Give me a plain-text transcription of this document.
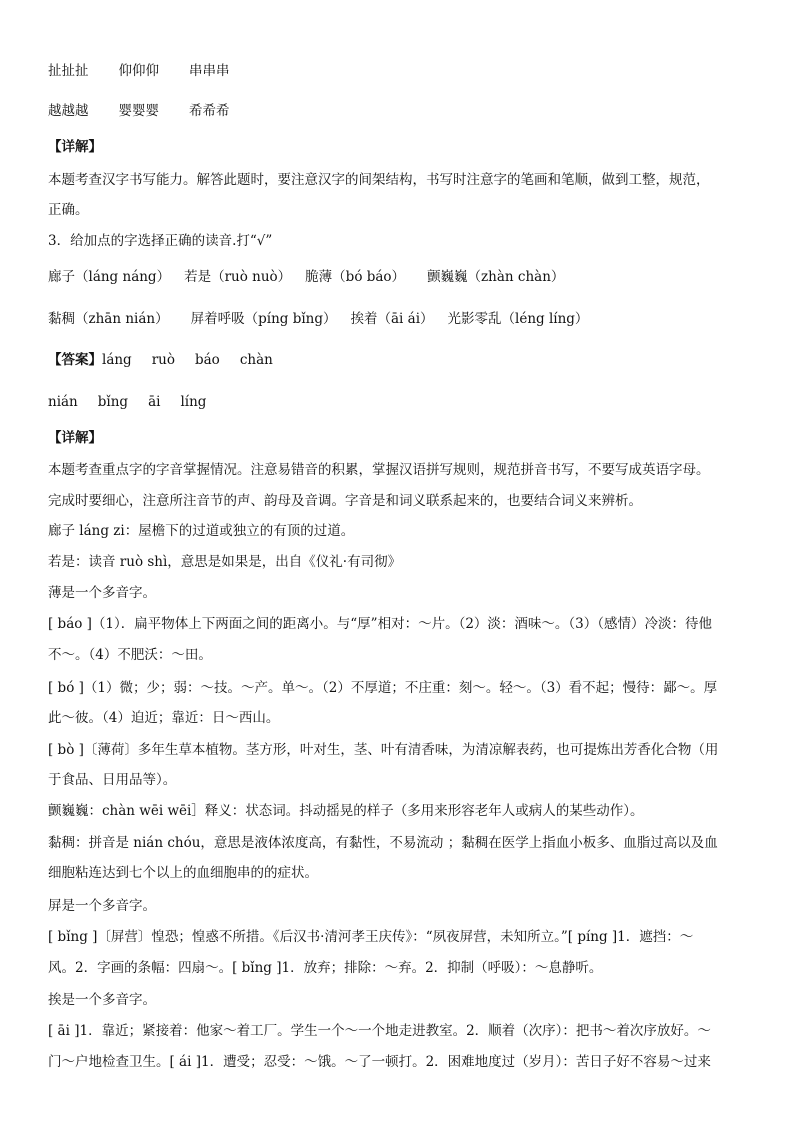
扯扯扯 仰仰仰 串串串
越越越 婴婴婴 希希希
【详解】
本题考查汉字书写能力。解答此题时，要注意汉字的间架结构，书写时注意字的笔画和笔顺，做到工整，规范，
正确。
3．给加点的字选择正确的读音.打“√”
廊子（láng náng） 若是（ruò nuò） 脆薄（bó báo） 颤巍巍（zhàn chàn）
黏稠（zhān nián） 屏着呼吸（píng bǐng） 挨着（āi ái） 光影零乱（léng líng）
【答案】láng ruò báo chàn
nián bǐng āi líng
【详解】
本题考查重点字的字音掌握情况。注意易错音的积累，掌握汉语拼写规则，规范拼音书写，不要写成英语字母。
完成时要细心，注意所注音节的声、韵母及音调。字音是和词义联系起来的，也要结合词义来辨析。
廊子 láng zi：屋檐下的过道或独立的有顶的过道。
若是：读音 ruò shì，意思是如果是，出自《仪礼·有司彻》
薄是一个多音字。
[ báo ]（1）．扁平物体上下两面之间的距离小。与“厚”相对：～片。（2）淡：酒味～。（3）（感情）冷淡：待他
不～。（4）不肥沃：～田。
[ bó ]（1）微；少；弱：～技。～产。单～。（2）不厚道；不庄重：刻～。轻～。（3）看不起；慢待：鄙～。厚
此～彼。（4）迫近；靠近：日～西山。
[ bò ]〔薄荷〕多年生草本植物。茎方形，叶对生，茎、叶有清香味，为清凉解表药，也可提炼出芳香化合物（用
于食品、日用品等）。
颤巍巍：chàn wēi wēi］释义：状态词。抖动摇晃的样子（多用来形容老年人或病人的某些动作）。
黏稠：拼音是 nián chóu，意思是液体浓度高，有黏性，不易流动 ；黏稠在医学上指血小板多、血脂过高以及血
细胞粘连达到七个以上的血细胞串的的症状。
屏是一个多音字。
[ bǐng ]〔屏营〕惶恐；惶惑不所措。《后汉书·清河孝王庆传》：“夙夜屏营，未知所立。”[ píng ]1．遮挡：～
风。2．字画的条幅：四扇～。[ bǐng ]1．放弃；排除：～弃。2．抑制（呼吸）：～息静听。
挨是一个多音字。
[ āi ]1．靠近；紧接着：他家～着工厂。学生一个～一个地走进教室。2．顺着（次序）：把书～着次序放好。～
门～户地检查卫生。[ ái ]1．遭受；忍受：～饿。～了一顿打。2．困难地度过（岁月）：苦日子好不容易～过来
